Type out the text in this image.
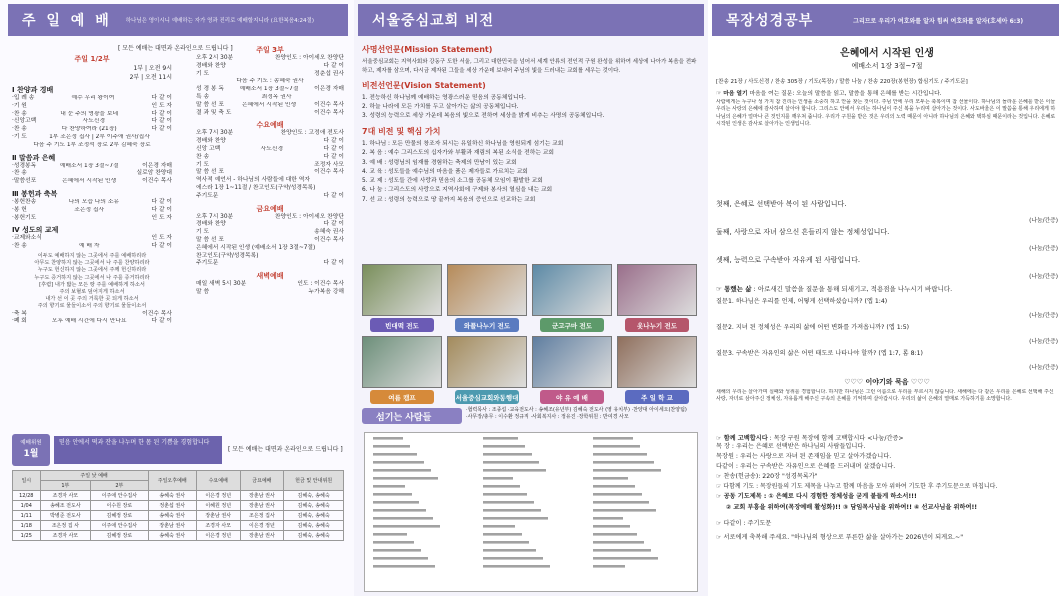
주 일 예 배	하나님은 영이시니 예배하는 자가 영과 진리로 예배할지니라 (요한복음4:24절)
[ 모든 예배는 대면과 온라인으로 드립니다 ]
주일 1/2부
1부 | 오전 9시
2부 | 오전 11시
Ⅰ 찬양과 경배
·입 례 송	예수 우리 왕이여	다 같 이
·기 원	인 도 자
·찬 송	내 눈 주의 영광을 보네	다 같 이
·신앙고백	사도신경	다 같 이
·찬 송	다 찬양하여라 (21장)	다 같 이
·기 도	1부 조은정 집사 | 2부 이주애 권사/집사
다음 주 기도 1부 조정석 장로 2부 김혜숙 장로
Ⅱ 말씀과 은혜
·성경봉독	예배소서 1장 3절~7절	이은경 자매
·찬 송	실로암 찬양대
·말씀선포	은혜에서 시작된 인생	이건수 목사
Ⅲ 봉헌과 축복
·봉헌찬송	나의 모습 나의 소유	다 같 이
·봉 헌	조은정 집사	다 같 이
·봉헌기도	인 도 자
Ⅳ 성도의 교제
·교제와소식	인 도 자
·찬 송	예 배 자	다 같 이
이두도 예배하지 않는 그곳에서 주를 예배하리라
아무도 찬양하지 않는 그곳에서 나 주를 찬양하리라
누구도 헌신하지 않는 그곳에서 주께 헌신하리라
누구도 증거하지 않는 그곳에서 나 주를 증거하리라
[후렴] 내가 밟는 모든 땅 주를 예배하게 하소서
주의 보혈로 덮어지게 하소서
내가 선 이 곳 주의 거룩한 곳 되게 하소서
주의 향기로 물들이소서 주의 향기로 물들이소서
·축 복	이건수 목사
·폐 회	오후 예배 시간에 다시 만나요	다 같 이
주일 3부
오후 2시 30분	찬양인도 : 아이세오 찬양단
경배와 찬양	다 같 이
기 도	정춘섭 권사
다음 주 기도 : 송혜숙 권사
성 경 봉 독	예배소서 1장 3절~7절	이은경 자매
특 송	최정옥 권사
말 씀 선 포	은혜에서 시작된 인생	이건수 목사
결 과 및 축 도	이건수 목사
수요예배
오후 7시 30분	찬양인도 : 고정애 전도사
경배와 찬양	다 같 이
신앙 고백	사도신경	다 같 이
찬 송	다 같 이
기 도	조정자 사모
말 씀 선 포	이건수 목사
역사적 예언서 - 하나님의 사람들에 대한 역자
에스라 1장 1~11절 / 찬고인도(구약/성경목록)
주기도문	다 같 이
금요예배
오후 7시 30분	찬양인도 : 아이세오 찬양단
경배와 찬양	다 같 이
기 도	송혜숙 권사
말 씀 선 포	이건수 목사
은혜에서 시작된 인생 (예배소서 1장 3절~7절)
찬고인도(구약/성경목록)
주기도문	다 같 이
새벽예배
매일 새벽 5시 30분	인도 : 이건수 목사
말 씀	누가복음 강해
예배위원
1월
믿음 안에서 떡과 잔을 나누며 한 몸 된 기쁨을 경험합니다
[ 모든 예배는 대면과 온라인으로 드립니다 ]
일시	주일 낮 예배		주일오후예배	수요예배	금요예배	헌금 및 안내위원
	1부	2부				
12/28	조경자 사모	이주애 안수집사	송혜숙 권사	이은경 정년	장춘남 권사	김혜숙, 송혜숙
1/04	송혜조 전도사	이수원 장로	정춘섭 권사	이혜원 정년	장춘남 권사	김혜숙, 송혜숙
1/11	박병준 전도사	김혜정 장로	송혜숙 권사	장춘남 권사	조은정 집사	김혜숙, 송혜숙
1/18	조은정 집 사	이주애 안수집사	장춘남 권사	조경자 사모	이은경 정년	김혜숙, 송혜숙
1/25	조경자 사모	김혜정 장로	송혜숙 권사	이은경 정년	장춘남 권사	김혜숙, 송혜숙
서울중심교회 비전
사명선언문(Mission Statement)
서울중심교회는 지역사회와 강동구 도한 서울, 그리고 대한민국을 넘어서 세계 안류의 전인적 구원 완성을 위하여 세상에 나아가 복음을 전파하고, 제자를 삼으며, 다시금 제자된 그들을 세상 가운데 보내어 주님의 빛을 드러내는 교회를 세우는 것이다.
비전선언문(Vision Statement)
1. 전능하신 하나님께 예배하는 영광스러운 믿음의 공동체입니다.
2. 하늘 나라에 모든 가치를 두고 살아가는 삶의 공동체입니다.
3. 성령의 능력으로 세상 가운데 복음의 빛으로 전하여 세상을 밝게 비추는 사명의 공동체입니다.
7대 비전 및 핵심 가치
1. 하나님 : 모든 만물의 창조자 되시는 유일하신 하나님을 영원되게 섬기는 교회
2. 복 음 : 예수 그리스도의 십자가와 부활과 재림의 복된 소식을 전하는 교회
3. 예 배 : 성령님의 임재를 경험하는 축제의 만남이 있는 교회
4. 교 육 : 성도들을 예수님의 마음을 품은 제자들로 가르치는 교회
5. 교 제 : 성도들 간에 사랑과 믿음의 소그룹 공동체 모임이 활발한 교회
6. 나 눔 : 그리스도의 사랑으로 지역사회에 구제와 봉사의 열심을 내는 교회
7. 선 교 : 성령의 능력으로 땅 끝까지 복음의 증인으로 선교하는 교회
빈대떡 전도	와플나누기 전도	군고구마 전도	옷나누기 전도
여름 캠프	서울중심교회와동행대	야 유 예 배	주 일 학 교
섬기는 사람들
·협력목사 : 조종섭 ·교육전도사 : 송혜조(유년부) 김혜숙 전도사 (영 유치부) ·찬양대 아이세오(찬양팀)
·사무장/총무 : 이수환 정규직 ·사회복지사 : 정유진 ·장학위원 : 반여경 사모
목장성경공부	그리므로 우리가 여호와를 알자 힘써 여호와를 알자(호세아 6:3)
은혜에서 시작된 인생
예배소서 1장 3절~7절
[찬송 21장 / 사도신경 / 찬송 305장 / 기도(목장) / 말씀 나눔 / 찬송 220장(봉헌장) 합심기도 / 주기도문]
☞ 마음 열기 마음을 여는 질문: 오늘의 말씀을 읽고, 말씀을 통해 은혜를 받는 시간입니다.
사람에게는 누구나 성 가지 참 진리는 인생을 소중히 하고 안을 찾는 것이다. 주님 안에 우리 모두는 축복이며 참 선물이다. 하나님의 놀라운 은혜를 받은 이들 우리는 사랑의 은혜에 감사하며 살아야 합니다. 그리스도 안에서 우리는 하나님이 주신 복을 누리며 살아가는 것이다. 사도바울은 이 말씀을 통해 우리에게 하나님의 은혜가 얼마나 큰 것인지를 깨우쳐 줍니다. 우리가 구원을 받은 것은 우리의 노력 때문이 아니라 하나님의 은혜와 택하심 때문이라는 것입니다. 은혜로 시작된 인생은 감사로 살아가는 인생입니다.
첫째, 은혜로 선택받아 복이 된 사람입니다.
(나눔/간증)
둘째, 사랑으로 자녀 삼으신 흔들리지 않는 정체성입니다.
(나눔/간증)
셋째, 능력으로 구속받아 자유케 된 사람입니다.
(나눔/간증)
☞ 통했는 삶 : 아로새긴 말씀을 질문을 통해 되새기고, 적용점을 나누시기 바랍니다.
질문1. 하나님은 우리를 언제, 어떻게 선택하셨습니까? (엡 1:4)
(나눔/간증)
질문2. 지녀 된 정체성은 우리의 삶에 어떤 변화를 가져옵니까? (엡 1:5)
(나눔/간증)
질문3. 구속받은 자유인의 삶은 어떤 태도로 나타나야 할까? (엡 1:7, 롬 8:1)
(나눔/간증)
♡♡♡ 이야기와 묵음 ♡♡♡
새해의 우리는 살아가며 실패와 성취를 경험합니다. 하지만 하나님은 그런 이름으로 우리를 부르시지 않습니다. 새해에는 다 같은 우리를 은혜로 선택해 주신 사랑, 자녀로 삼아주신 정체성, 자유롭게 해주신 구속의 은혜를 기억하며 살아갑시다. 우리의 삶이 은혜의 열매로 가득하기를 소망합니다.
☞ 함께 고백합시다 : 목장 구원 목장에 함께 고백합시다 <나눔/간증>
목 장 : 우리는 은혜로 선택받은 하나님의 사람들입니다.
목장원 : 우리는 사랑으로 자녀 된 존재임을 믿고 살아가겠습니다.
다같이 : 우리는 구속받은 자유인으로 은혜를 드러내며 살겠습니다.
☞ 찬송(헌금송): 220장 "성경목록가"
☞ 다함께 기도 : 목장원들의 기도 제목을 나누고 함께 마음을 모아 위하여 기도한 후 주기도문으로 마칩니다.
☞ 공동 기도제목 : ① 은혜로 다시 경험한 정체성을 굳게 붙들게 하소서!!!
② 교회 부흥을 위하여(목장예배 활성화)!! ③ 담임목사님을 위하여!! ④ 선교사님을 위하여!!
☞ 다같이 : 주기도문
☞ 서로에게 축복해 주세요. "하나님의 형상으로 푸른한 삶을 살아가는 2026년이 되게요.~"
